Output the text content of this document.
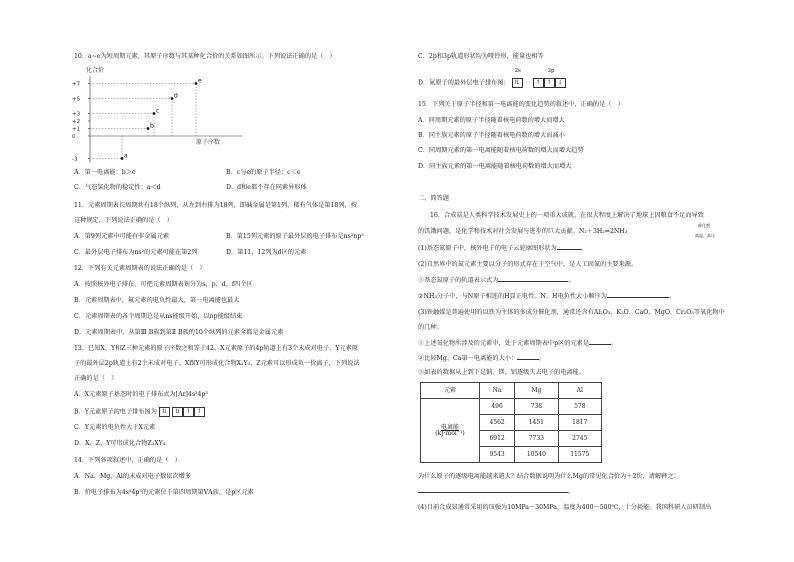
10．a~e为短周期元素，其原子序数与其某种化合价的关系如图所示。下列说法正确的是（　）
化合价
原子序数
+7
+5
+3
+2
+1
0
-3	a
b
c
d
e
A．第一电离能：b＞c	B．c与e的原子半径：c＜e
C．气态氢化物的稳定性：a＜d	D．d和e都不存在同素异形体
11．元素周期表长周期共有18个纵列，从左到右排为18列，即碱金属是第1列，稀有气体是第18列，按
这种规定，下列说法正确的是（　）
A．第9列元素中可能有非金属元素	B．第15列元素的原子最外层的电子排布是ns²np⁵
C．最外层电子排布为ns²的元素可能在第2列	D．第11、12列为d区的元素
12．下列有关元素周期表的说法正确的是（　）
A．按照核外电子排布，可把元素周期表划分为s、p、d、f四个区
B．元素周期表中，氟元素的电负性最大，第一电离能也最大
C．元素周期表的各个周期总是从ns能级开始，以np能级结束
D．元素周期表中，从第Ⅲ B族到第Ⅱ B族的10个纵列的元素全都是金属元素
13．已知X、Y和Z三种元素的原子序数之和等于42。X元素原子的4p轨道上有3个未成对电子，Y元素原
子的最外层2p轨道上有2个未成对电子。X跟Y可形成化合物X₂Y₃，Z元素可以形成负一价离子，下列说法
正确的是（　）
A．X元素原子基态时的电子排布式为[Ar]4s²4p³
B．Y元素原子的电子排布图为 ⇅ ⇅ ↑ ↑
C．Y元素的电负性大于X元素
D．X、Z、Y可形成化合物Z₃XY₄
14．下列各项叙述中，正确的是（　）
A．Na、Mg、Al的未成对电子数依次增多
B．价电子排布为4s²4p³的元素位于第四周期第ⅤA族，是p区元素
C．2p和3p轨道形状均为哑铃形，能量也相等
D．氮原子的最外层电子排布图：
2s	2p
⇅	↑ ↑ ↓
15．下列关于原子半径和第一电离能的变化趋势的叙述中，正确的是（　）
A．同周期元素的原子半径随着核电荷数的增大而增大
B．同主族元素的原子半径随着核电荷数的增大而减小
C．同周期元素的第一电离能随着核电荷数的增大而增大趋势
D．同主族元素的第一电离能随着核电荷数的增大而增大
二、简答题
16．合成氨是人类科学技术发展史上的一项重大成就，在很大程度上解决了地球上因粮食不足而导致
的饥饿问题，是化学和技术对社会发展与进步的巨大贡献。N₂＋3H₂⇌2NH₃
催化剂
高温、高压
(1)基态氮原子中，核外电子的电子云轮廓图形状为	。
(2)自然界中的氮元素主要以分子的形式存在于空气中，是人工固氮的主要来源。
①基态氮原子的轨道表示式为	。
②NH₃分子中，与N原子相连的H显正电性。N、H电负性大小顺序为	。
(3)铁触媒是普遍使用的以铁为主体的多成分催化剂，通常还含有Al₂O₃、K₂O、CaO、MgO、Cr₂O₃等氧化物中
的几种。
①上述氧化物所涉及的元素中，处于元素周期表中p区的元素是	。
②比较Mg、Ca第一电离能的大小：	。
③如表的数据从上到下是钠、镁、铝逐级失去电子的电离能。
元素	Na	Mg	Al

电离能
(kJ·mol⁻¹)	496	738	578
	4562	1451	1817
	6912	7733	2745
	9543	10540	11575
为什么原子的逐级电离能越来越大？结合数据说明为什么Mg的常见化合价为＋2价，请解释之：
。
(4)目前合成氨通常采用的压强为10MPa～30MPa，温度为400～500℃，十分耗能。我国科研人员研制出
